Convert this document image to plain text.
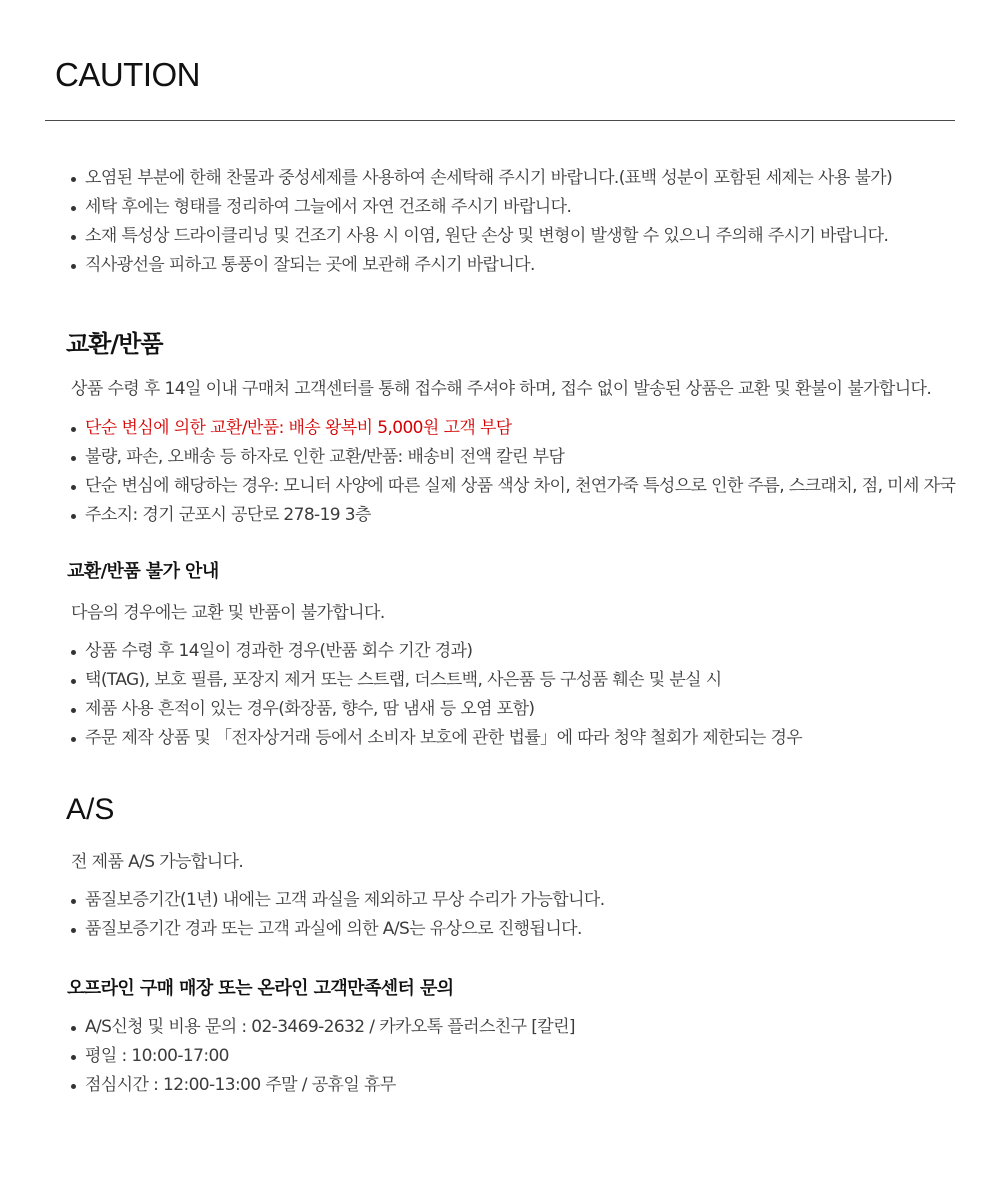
CAUTION
오염된 부분에 한해 찬물과 중성세제를 사용하여 손세탁해 주시기 바랍니다.(표백 성분이 포함된 세제는 사용 불가)
세탁 후에는 형태를 정리하여 그늘에서 자연 건조해 주시기 바랍니다.
소재 특성상 드라이클리닝 및 건조기 사용 시 이염, 원단 손상 및 변형이 발생할 수 있으니 주의해 주시기 바랍니다.
직사광선을 피하고 통풍이 잘되는 곳에 보관해 주시기 바랍니다.
교환/반품
상품 수령 후 14일 이내 구매처 고객센터를 통해 접수해 주셔야 하며, 접수 없이 발송된 상품은 교환 및 환불이 불가합니다.
단순 변심에 의한 교환/반품: 배송 왕복비 5,000원 고객 부담
불량, 파손, 오배송 등 하자로 인한 교환/반품: 배송비 전액 칼린 부담
단순 변심에 해당하는 경우: 모니터 사양에 따른 실제 상품 색상 차이, 천연가죽 특성으로 인한 주름, 스크래치, 점, 미세 자국
주소지: 경기 군포시 공단로 278-19 3층
교환/반품 불가 안내
다음의 경우에는 교환 및 반품이 불가합니다.
상품 수령 후 14일이 경과한 경우(반품 회수 기간 경과)
택(TAG), 보호 필름, 포장지 제거 또는 스트랩, 더스트백, 사은품 등 구성품 훼손 및 분실 시
제품 사용 흔적이 있는 경우(화장품, 향수, 땀 냄새 등 오염 포함)
주문 제작 상품 및 「전자상거래 등에서 소비자 보호에 관한 법률」에 따라 청약 철회가 제한되는 경우
A/S
전 제품 A/S 가능합니다.
품질보증기간(1년) 내에는 고객 과실을 제외하고 무상 수리가 가능합니다.
품질보증기간 경과 또는 고객 과실에 의한 A/S는 유상으로 진행됩니다.
오프라인 구매 매장 또는 온라인 고객만족센터 문의
A/S신청 및 비용 문의 : 02-3469-2632 / 카카오톡 플러스친구 [칼린]
평일 : 10:00-17:00
점심시간 : 12:00-13:00 주말 / 공휴일 휴무
